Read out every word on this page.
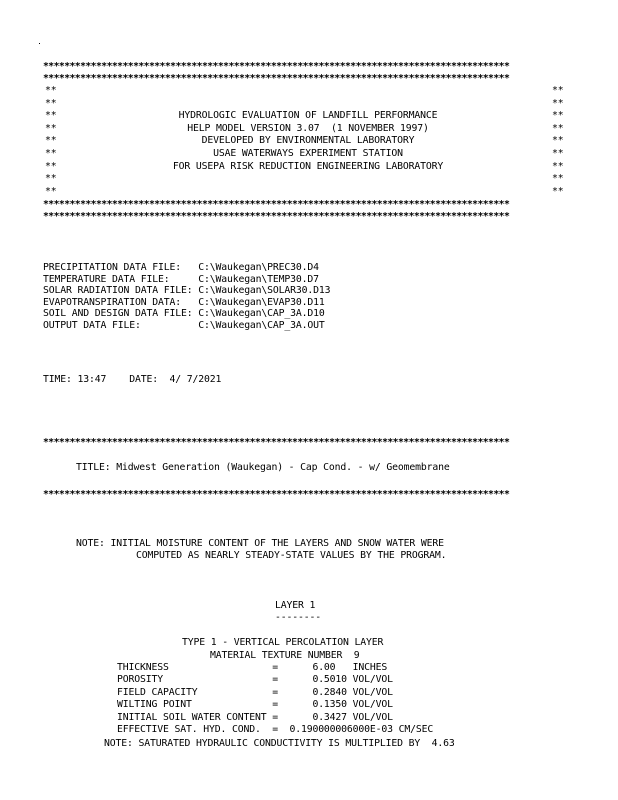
****************************************************************************************
****************************************************************************************
**	**
**	**
**	HYDROLOGIC EVALUATION OF LANDFILL PERFORMANCE	**
**	HELP MODEL VERSION 3.07  (1 NOVEMBER 1997)	**
**	DEVELOPED BY ENVIRONMENTAL LABORATORY	**
**	USAE WATERWAYS EXPERIMENT STATION	**
**	FOR USEPA RISK REDUCTION ENGINEERING LABORATORY	**
**	**
**	**
****************************************************************************************
****************************************************************************************
PRECIPITATION DATA FILE:   C:\Waukegan\PREC30.D4
TEMPERATURE DATA FILE:     C:\Waukegan\TEMP30.D7
SOLAR RADIATION DATA FILE: C:\Waukegan\SOLAR30.D13
EVAPOTRANSPIRATION DATA:   C:\Waukegan\EVAP30.D11
SOIL AND DESIGN DATA FILE: C:\Waukegan\CAP_3A.D10
OUTPUT DATA FILE:          C:\Waukegan\CAP_3A.OUT
TIME: 13:47    DATE:  4/ 7/2021
****************************************************************************************
TITLE: Midwest Generation (Waukegan) - Cap Cond. - w/ Geomembrane
****************************************************************************************
NOTE: INITIAL MOISTURE CONTENT OF THE LAYERS AND SNOW WATER WERE
COMPUTED AS NEARLY STEADY-STATE VALUES BY THE PROGRAM.
LAYER 1
--------
TYPE 1 - VERTICAL PERCOLATION LAYER
MATERIAL TEXTURE NUMBER  9
THICKNESS                  =      6.00   INCHES
POROSITY                   =      0.5010 VOL/VOL
FIELD CAPACITY             =      0.2840 VOL/VOL
WILTING POINT              =      0.1350 VOL/VOL
INITIAL SOIL WATER CONTENT =      0.3427 VOL/VOL
EFFECTIVE SAT. HYD. COND.  =  0.190000006000E-03 CM/SEC
NOTE: SATURATED HYDRAULIC CONDUCTIVITY IS MULTIPLIED BY  4.63
